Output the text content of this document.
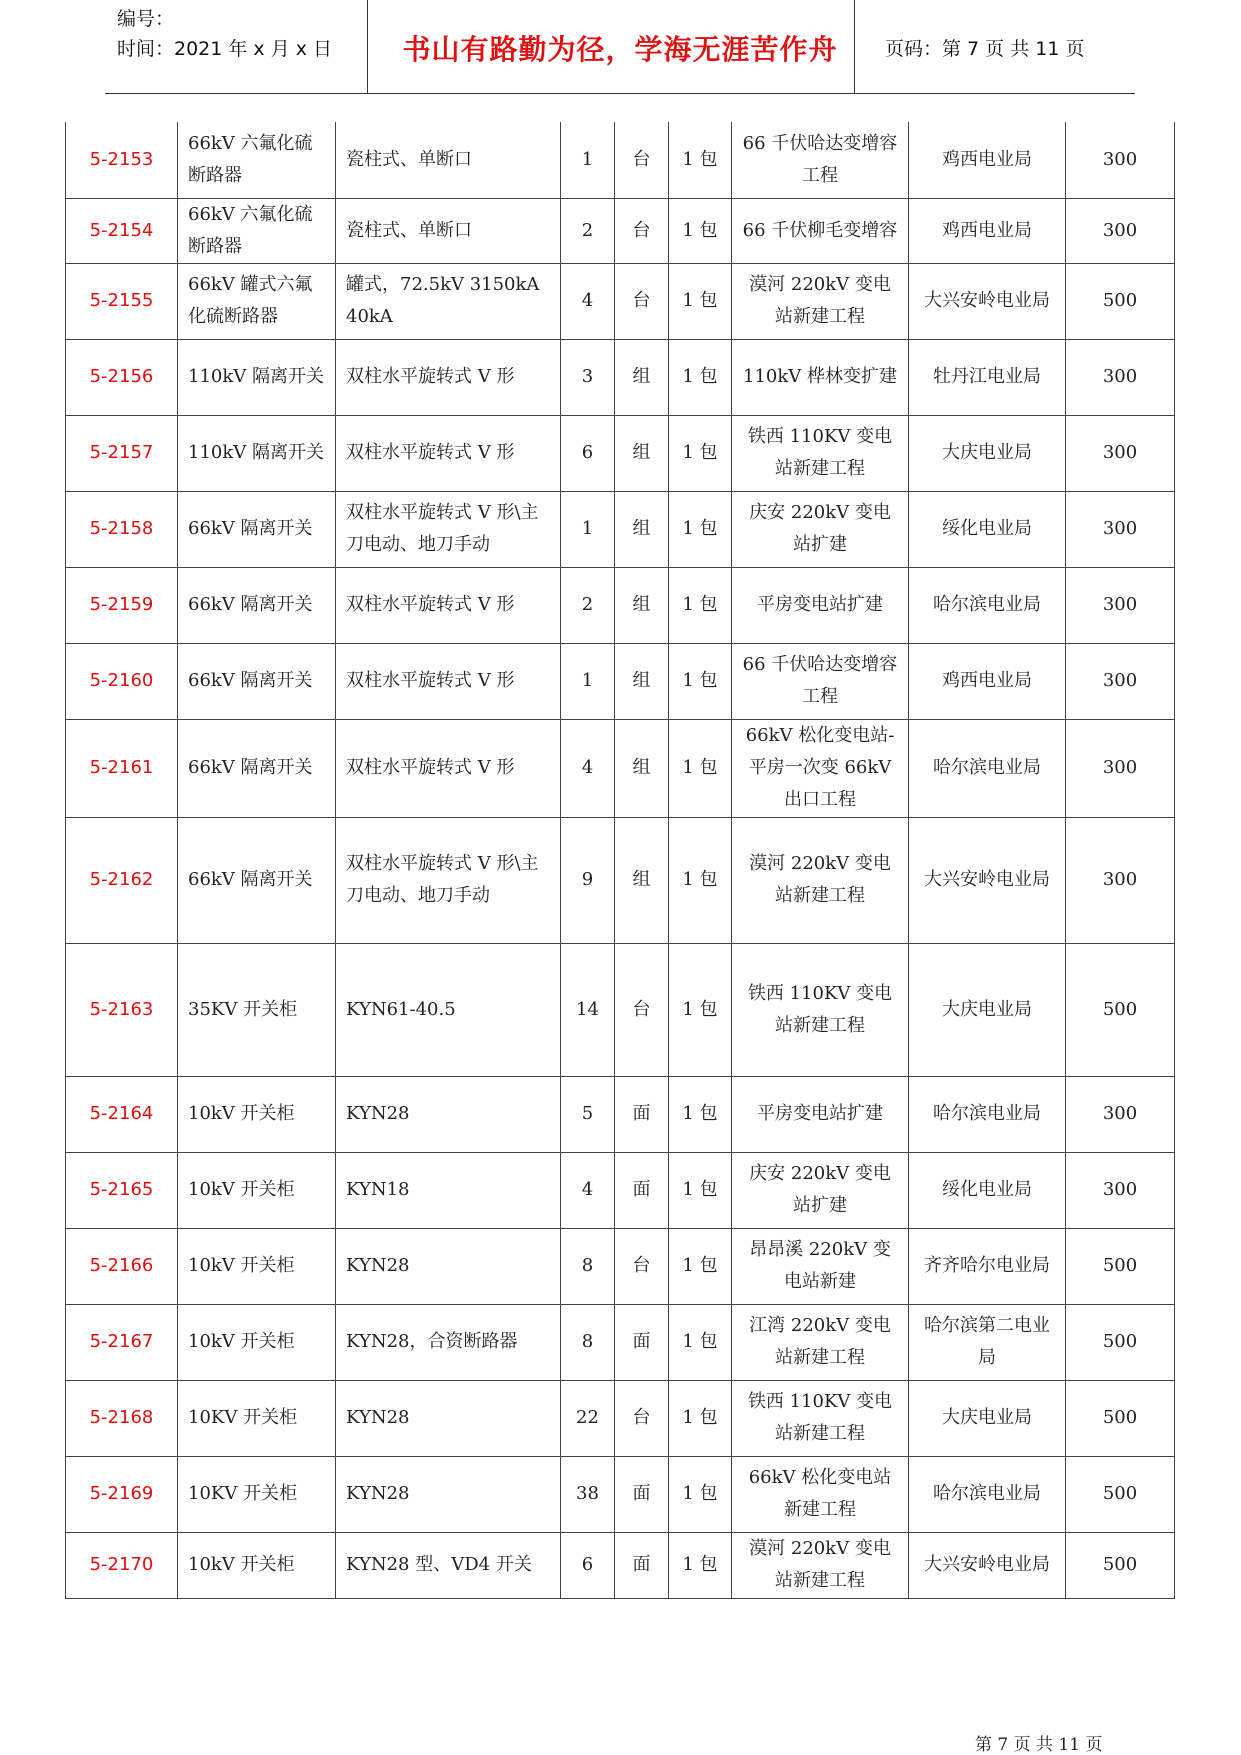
编号：
时间：2021 年 x 月 x 日	书山有路勤为径，学海无涯苦作舟	页码：第 7 页 共 11 页
5-2153	66kV 六氟化硫断路器	瓷柱式、单断口	1	台	1 包	66 千伏哈达变增容工程	鸡西电业局	300
5-2154	66kV 六氟化硫断路器	瓷柱式、单断口	2	台	1 包	66 千伏柳毛变增容	鸡西电业局	300
5-2155	66kV 罐式六氟化硫断路器	罐式，72.5kV 3150kA 40kA	4	台	1 包	漠河 220kV 变电站新建工程	大兴安岭电业局	500
5-2156	110kV 隔离开关	双柱水平旋转式 V 形	3	组	1 包	110kV 桦林变扩建	牡丹江电业局	300
5-2157	110kV 隔离开关	双柱水平旋转式 V 形	6	组	1 包	铁西 110KV 变电站新建工程	大庆电业局	300
5-2158	66kV 隔离开关	双柱水平旋转式 V 形\主刀电动、地刀手动	1	组	1 包	庆安 220kV 变电站扩建	绥化电业局	300
5-2159	66kV 隔离开关	双柱水平旋转式 V 形	2	组	1 包	平房变电站扩建	哈尔滨电业局	300
5-2160	66kV 隔离开关	双柱水平旋转式 V 形	1	组	1 包	66 千伏哈达变增容工程	鸡西电业局	300
5-2161	66kV 隔离开关	双柱水平旋转式 V 形	4	组	1 包	66kV 松化变电站-平房一次变 66kV 出口工程	哈尔滨电业局	300
5-2162	66kV 隔离开关	双柱水平旋转式 V 形\主刀电动、地刀手动	9	组	1 包	漠河 220kV 变电站新建工程	大兴安岭电业局	300
5-2163	35KV 开关柜	KYN61-40.5	14	台	1 包	铁西 110KV 变电站新建工程	大庆电业局	500
5-2164	10kV 开关柜	KYN28	5	面	1 包	平房变电站扩建	哈尔滨电业局	300
5-2165	10kV 开关柜	KYN18	4	面	1 包	庆安 220kV 变电站扩建	绥化电业局	300
5-2166	10kV 开关柜	KYN28	8	台	1 包	昂昂溪 220kV 变电站新建	齐齐哈尔电业局	500
5-2167	10kV 开关柜	KYN28，合资断路器	8	面	1 包	江湾 220kV 变电站新建工程	哈尔滨第二电业局	500
5-2168	10KV 开关柜	KYN28	22	台	1 包	铁西 110KV 变电站新建工程	大庆电业局	500
5-2169	10KV 开关柜	KYN28	38	面	1 包	66kV 松化变电站新建工程	哈尔滨电业局	500
5-2170	10kV 开关柜	KYN28 型、VD4 开关	6	面	1 包	漠河 220kV 变电站新建工程	大兴安岭电业局	500
第 7 页 共 11 页
